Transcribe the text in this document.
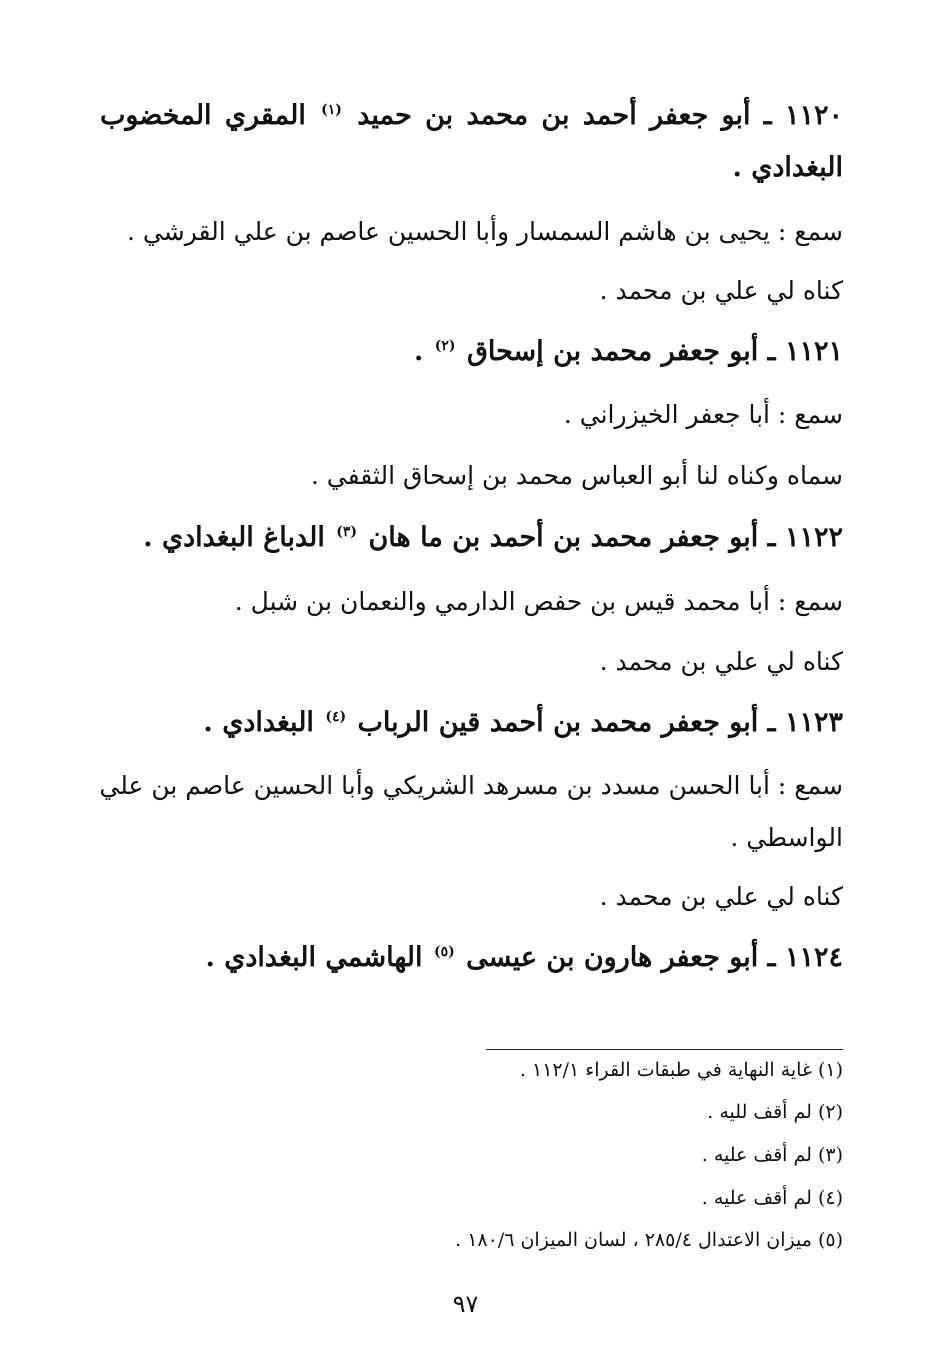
١١٢٠ ـ أبو جعفر أحمد بن محمد بن حميد $^{(١)}$ المقري المخضوب
البغدادي .
سمع : يحيى بن هاشم السمسار وأبا الحسين عاصم بن علي القرشي .
كناه لي علي بن محمد .
١١٢١ ـ أبو جعفر محمد بن إسحاق $^{(٢)}$ .
سمع : أبا جعفر الخيزراني .
سماه وكناه لنا أبو العباس محمد بن إسحاق الثقفي .
١١٢٢ ـ أبو جعفر محمد بن أحمد بن ما هان $^{(٣)}$ الدباغ البغدادي .
سمع : أبا محمد قيس بن حفص الدارمي والنعمان بن شبل .
كناه لي علي بن محمد .
١١٢٣ ـ أبو جعفر محمد بن أحمد قين الرباب $^{(٤)}$ البغدادي .
سمع : أبا الحسن مسدد بن مسرهد الشريكي وأبا الحسين عاصم بن علي
الواسطي .
كناه لي علي بن محمد .
١١٢٤ ـ أبو جعفر هارون بن عيسى $^{(٥)}$ الهاشمي البغدادي .
(١) غاية النهاية في طبقات القراء ١١٢/١ .
(٢) لم أقف لليه .
(٣) لم أقف عليه .
(٤) لم أقف عليه .
(٥) ميزان الاعتدال ٢٨٥/٤ ، لسان الميزان ١٨٠/٦ .
٩٧
